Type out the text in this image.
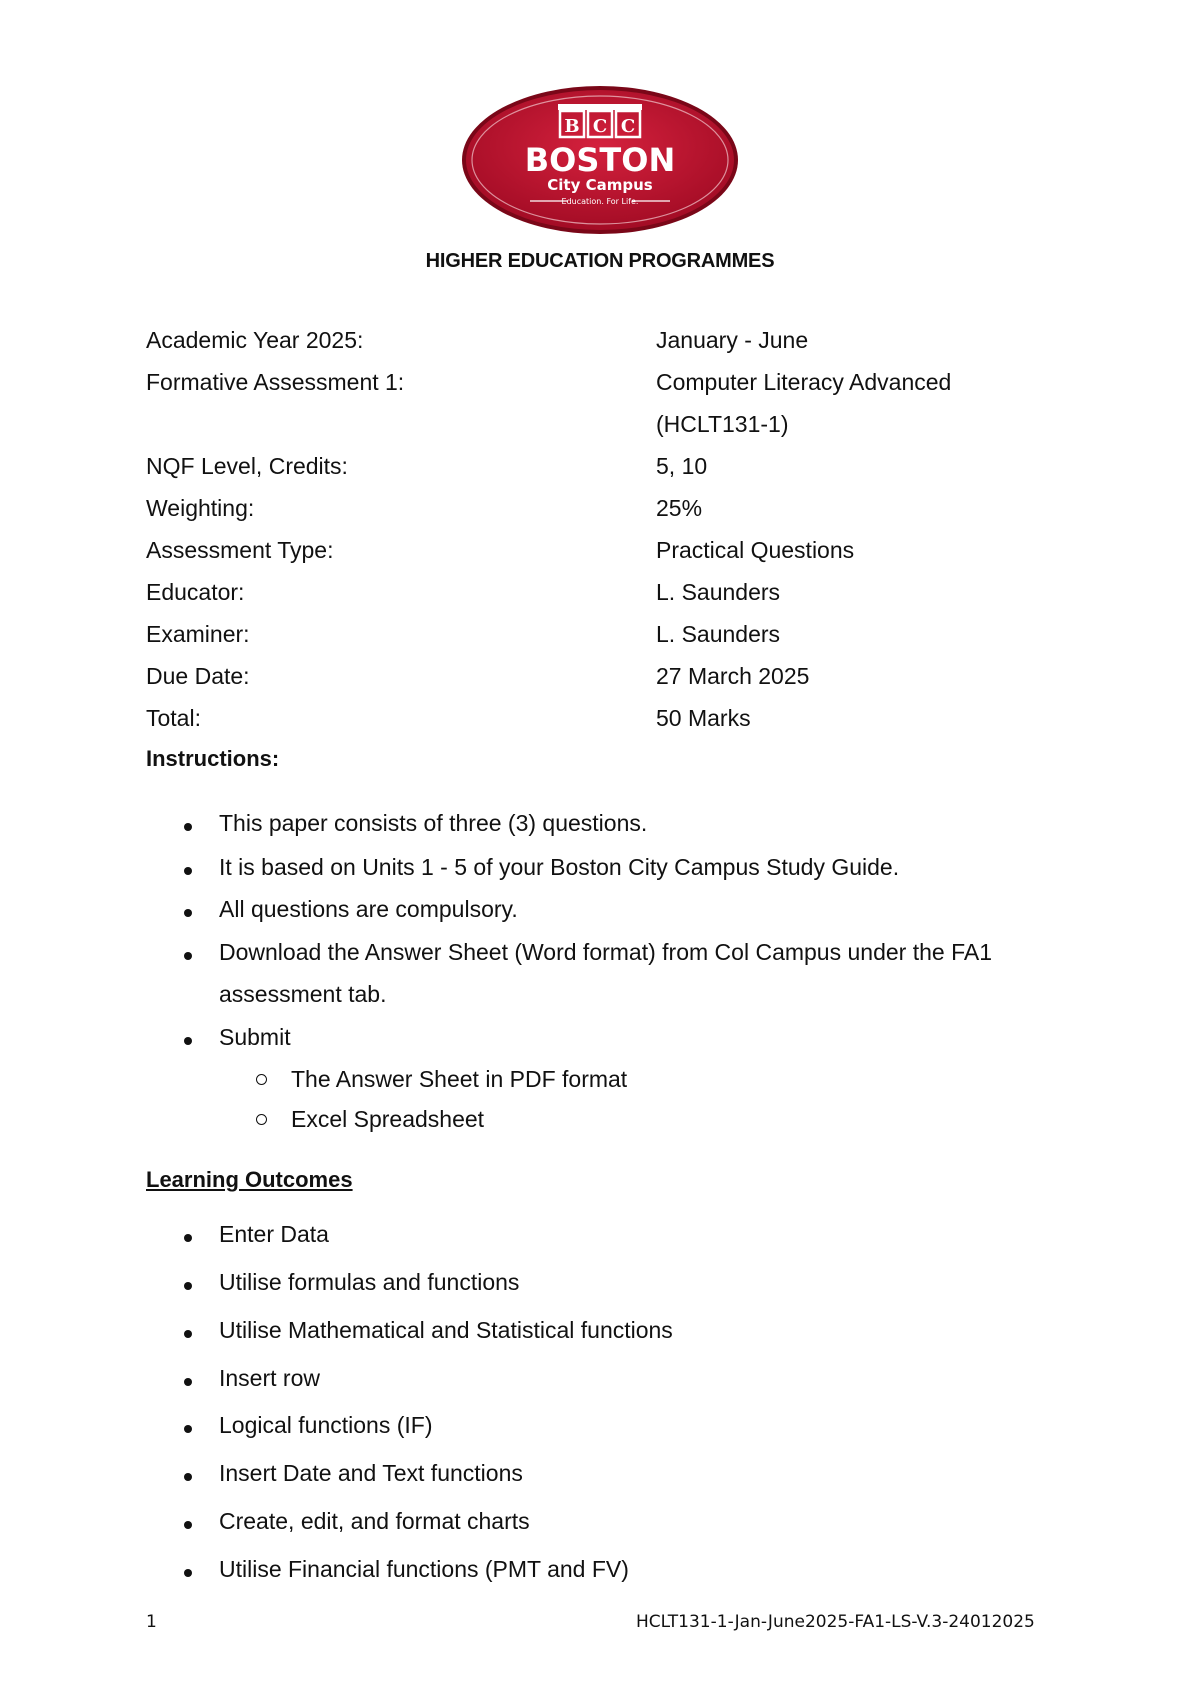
B C C
BOSTON
City Campus
Education. For Life.
HIGHER EDUCATION PROGRAMMES
Academic Year 2025:	January - June
Formative Assessment 1:	Computer Literacy Advanced
(HCLT131-1)
NQF Level, Credits:	5, 10
Weighting:	25%
Assessment Type:	Practical Questions
Educator:	L. Saunders
Examiner:	L. Saunders
Due Date:	27 March 2025
Total:	50 Marks
Instructions:
This paper consists of three (3) questions.
It is based on Units 1 - 5 of your Boston City Campus Study Guide.
All questions are compulsory.
Download the Answer Sheet (Word format) from Col Campus under the FA1
assessment tab.
Submit
The Answer Sheet in PDF format
Excel Spreadsheet
Learning Outcomes
Enter Data
Utilise formulas and functions
Utilise Mathematical and Statistical functions
Insert row
Logical functions (IF)
Insert Date and Text functions
Create, edit, and format charts
Utilise Financial functions (PMT and FV)
1	HCLT131-1-Jan-June2025-FA1-LS-V.3-24012025
